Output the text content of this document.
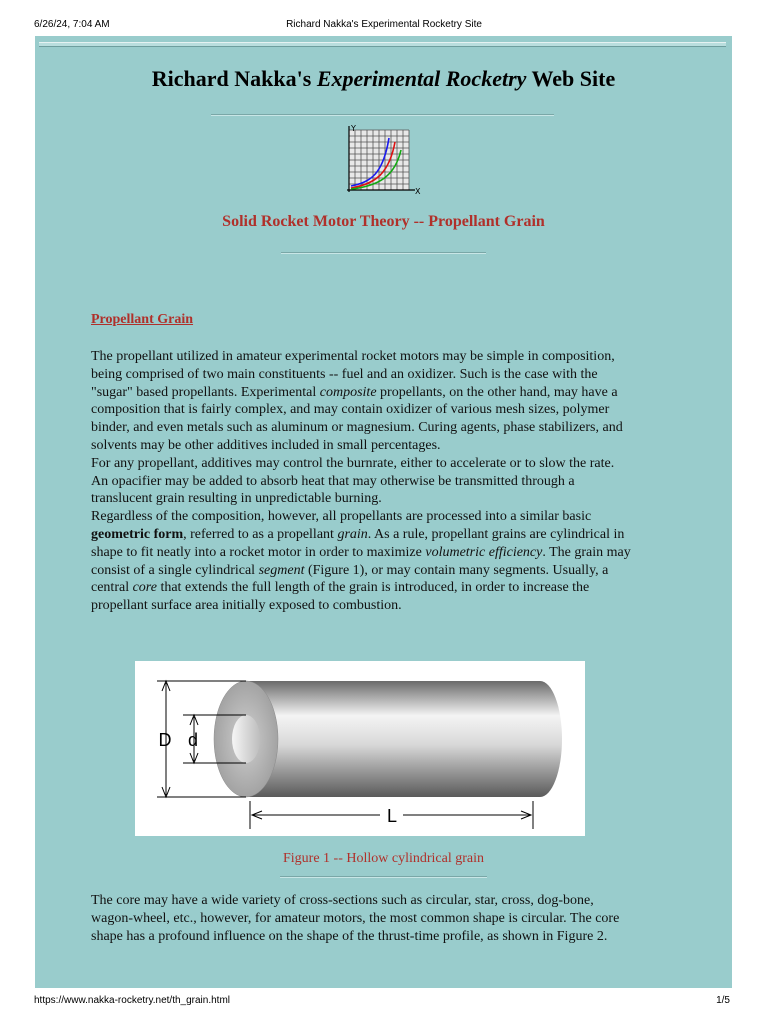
6/26/24, 7:04 AM	Richard Nakka's Experimental Rocketry Site
Richard Nakka's Experimental Rocketry Web Site
Y
X
Solid Rocket Motor Theory -- Propellant Grain
Propellant Grain

The propellant utilized in amateur experimental rocket motors may be simple in composition, being comprised of two main constituents -- fuel and an oxidizer. Such is the case with the "sugar" based propellants. Experimental composite propellants, on the other hand, may have a composition that is fairly complex, and may contain oxidizer of various mesh sizes, polymer binder, and even metals such as aluminum or magnesium. Curing agents, phase stabilizers, and solvents may be other additives included in small percentages.

For any propellant, additives may control the burnrate, either to accelerate or to slow the rate. An opacifier may be added to absorb heat that may otherwise be transmitted through a translucent grain resulting in unpredictable burning.

Regardless of the composition, however, all propellants are processed into a similar basic geometric form, referred to as a propellant grain. As a rule, propellant grains are cylindrical in shape to fit neatly into a rocket motor in order to maximize volumetric efficiency. The grain may consist of a single cylindrical segment (Figure 1), or may contain many segments. Usually, a central core that extends the full length of the grain is introduced, in order to increase the propellant surface area initially exposed to combustion.

D d
L
Figure 1 -- Hollow cylindrical grain

The core may have a wide variety of cross-sections such as circular, star, cross, dog-bone, wagon-wheel, etc., however, for amateur motors, the most common shape is circular. The core shape has a profound influence on the shape of the thrust-time profile, as shown in Figure 2.

https://www.nakka-rocketry.net/th_grain.html	1/5
